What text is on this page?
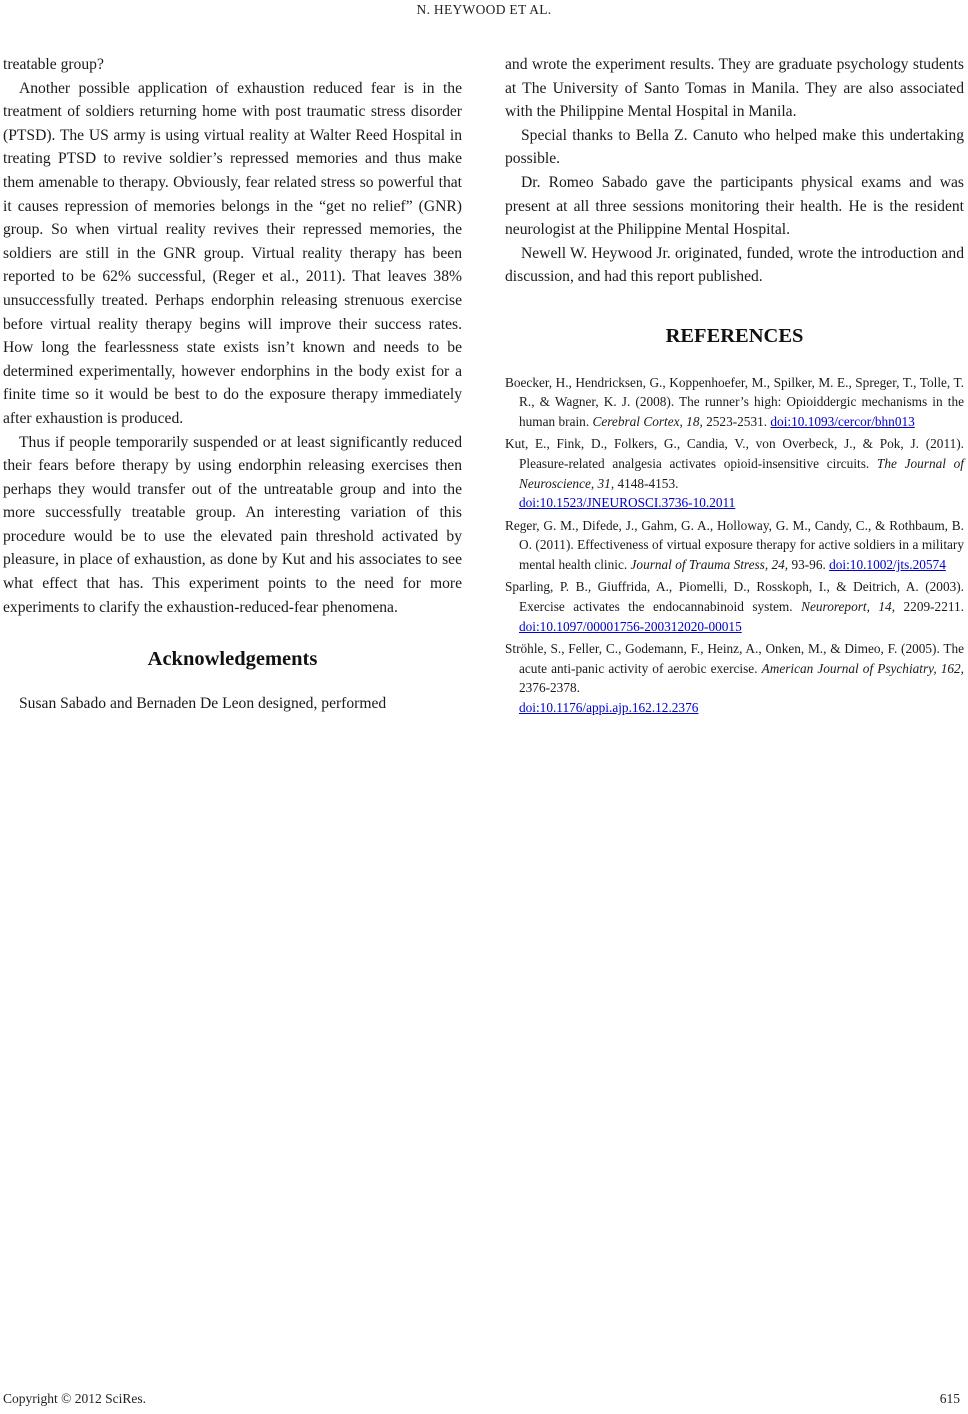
N. HEYWOOD ET AL.

treatable group?

Another possible application of exhaustion reduced fear is in the treatment of soldiers returning home with post traumatic stress disorder (PTSD). The US army is using virtual reality at Walter Reed Hospital in treating PTSD to revive soldier’s repressed memories and thus make them amenable to therapy. Obviously, fear related stress so powerful that it causes repression of memories belongs in the “get no relief” (GNR) group. So when virtual reality revives their repressed memories, the soldiers are still in the GNR group. Virtual reality therapy has been reported to be 62% successful, (Reger et al., 2011). That leaves 38% unsuccessfully treated. Perhaps endorphin releasing strenuous exercise before virtual reality therapy begins will improve their success rates. How long the fearlessness state exists isn’t known and needs to be determined experimentally, however endorphins in the body exist for a finite time so it would be best to do the exposure therapy immediately after exhaustion is produced.

Thus if people temporarily suspended or at least significantly reduced their fears before therapy by using endorphin releasing exercises then perhaps they would transfer out of the untreatable group and into the more successfully treatable group. An interesting variation of this procedure would be to use the elevated pain threshold activated by pleasure, in place of exhaustion, as done by Kut and his associates to see what effect that has. This experiment points to the need for more experiments to clarify the exhaustion-reduced-fear phenomena.

Acknowledgements

Susan Sabado and Bernaden De Leon designed, performed

and wrote the experiment results. They are graduate psychology students at The University of Santo Tomas in Manila. They are also associated with the Philippine Mental Hospital in Manila.

Special thanks to Bella Z. Canuto who helped make this undertaking possible.

Dr. Romeo Sabado gave the participants physical exams and was present at all three sessions monitoring their health. He is the resident neurologist at the Philippine Mental Hospital.

Newell W. Heywood Jr. originated, funded, wrote the introduction and discussion, and had this report published.

REFERENCES
Boecker, H., Hendricksen, G., Koppenhoefer, M., Spilker, M. E., Spreger, T., Tolle, T. R., & Wagner, K. J. (2008). The runner’s high: Opioiddergic mechanisms in the human brain. Cerebral Cortex, 18, 2523-2531. doi:10.1093/cercor/bhn013
Kut, E., Fink, D., Folkers, G., Candia, V., von Overbeck, J., & Pok, J. (2011). Pleasure-related analgesia activates opioid-insensitive circuits. The Journal of Neuroscience, 31, 4148-4153.
doi:10.1523/JNEUROSCI.3736-10.2011
Reger, G. M., Difede, J., Gahm, G. A., Holloway, G. M., Candy, C., & Rothbaum, B. O. (2011). Effectiveness of virtual exposure therapy for active soldiers in a military mental health clinic. Journal of Trauma Stress, 24, 93-96. doi:10.1002/jts.20574
Sparling, P. B., Giuffrida, A., Piomelli, D., Rosskoph, I., & Deitrich, A. (2003). Exercise activates the endocannabinoid system. Neuroreport, 14, 2209-2211. doi:10.1097/00001756-200312020-00015
Ströhle, S., Feller, C., Godemann, F., Heinz, A., Onken, M., & Dimeo, F. (2005). The acute anti-panic activity of aerobic exercise. American Journal of Psychiatry, 162, 2376-2378.
doi:10.1176/appi.ajp.162.12.2376
Copyright © 2012 SciRes.	615
